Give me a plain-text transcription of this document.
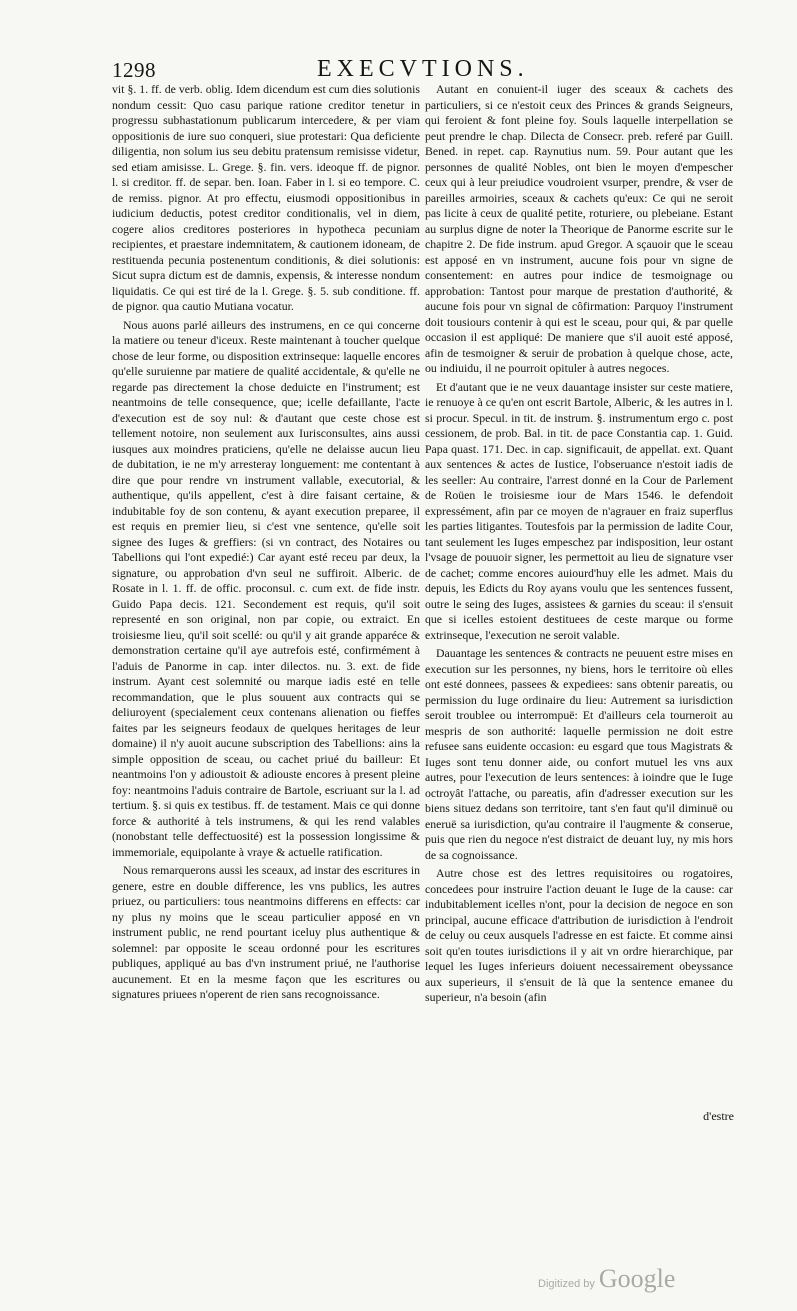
1298	EXECVTIONS.

vit §. 1. ff. de verb. oblig. Idem dicendum est cum dies solutionis nondum cessit: Quo casu parique ratione creditor tenetur in progressu subhastationum publicarum intercedere, & per viam oppositionis de iure suo conqueri, siue protestari: Qua deficiente diligentia, non solum ius seu debitu pratensum remisisse videtur, sed etiam amisisse. L. Grege. §. fin. vers. ideoque ff. de pignor. l. si creditor. ff. de separ. ben. Ioan. Faber in l. si eo tempore. C. de remiss. pignor. At pro effectu, eiusmodi oppositionibus in iudicium deductis, potest creditor conditionalis, vel in diem, cogere alios creditores posteriores in hypotheca pecuniam recipientes, et praestare indemnitatem, & cautionem idoneam, de restituenda pecunia postenentum conditionis, & diei solutionis: Sicut supra dictum est de damnis, expensis, & interesse nondum liquidatis. Ce qui est tiré de la l. Grege. §. 5. sub conditione. ff. de pignor. qua cautio Mutiana vocatur.

Nous auons parlé ailleurs des instrumens, en ce qui concerne la matiere ou teneur d'iceux. Reste maintenant à toucher quelque chose de leur forme, ou disposition extrinseque: laquelle encores qu'elle suruienne par matiere de qualité accidentale, & qu'elle ne regarde pas directement la chose deduicte en l'instrument; est neantmoins de telle consequence, que; icelle defaillante, l'acte d'execution est de soy nul: & d'autant que ceste chose est tellement notoire, non seulement aux Iurisconsultes, ains aussi iusques aux moindres praticiens, qu'elle ne delaisse aucun lieu de dubitation, ie ne m'y arresteray longuement: me contentant à dire que pour rendre vn instrument vallable, executorial, & authentique, qu'ils appellent, c'est à dire faisant certaine, & indubitable foy de son contenu, & ayant execution preparee, il est requis en premier lieu, si c'est vne sentence, qu'elle soit signee des Iuges & greffiers: (si vn contract, des Notaires ou Tabellions qui l'ont expedié:) Car ayant esté receu par deux, la signature, ou approbation d'vn seul ne suffiroit. Alberic. de Rosate in l. 1. ff. de offic. proconsul. c. cum ext. de fide instr. Guido Papa decis. 121. Secondement est requis, qu'il soit representé en son original, non par copie, ou extraict. En troisiesme lieu, qu'il soit scellé: ou qu'il y ait grande apparéce & demonstration certaine qu'il aye autrefois esté, confirmément à l'aduis de Panorme in cap. inter dilectos. nu. 3. ext. de fide instrum. Ayant cest solemnité ou marque iadis esté en telle recommandation, que le plus souuent aux contracts qui se deliuroyent (specialement ceux contenans alienation ou fieffes faites par les seigneurs feodaux de quelques heritages de leur domaine) il n'y auoit aucune subscription des Tabellions: ains la simple opposition de sceau, ou cachet priué du bailleur: Et neantmoins l'on y adioustoit & adiouste encores à present pleine foy: neantmoins l'aduis contraire de Bartole, escriuant sur la l. ad tertium. §. si quis ex testibus. ff. de testament. Mais ce qui donne force & authorité à tels instrumens, & qui les rend valables (nonobstant telle deffectuosité) est la possession longissime & immemoriale, equipolante à vraye & actuelle ratification.

Nous remarquerons aussi les sceaux, ad instar des escritures in genere, estre en double difference, les vns publics, les autres priuez, ou particuliers: tous neantmoins differens en effects: car ny plus ny moins que le sceau particulier apposé en vn instrument public, ne rend pourtant iceluy plus authentique & solemnel: par opposite le sceau ordonné pour les escritures publiques, appliqué au bas d'vn instrument priué, ne l'authorise aucunement. Et en la mesme façon que les escritures ou signatures priuees n'operent de rien sans recognoissance.

Autant en conuient-il iuger des sceaux & cachets des particuliers, si ce n'estoit ceux des Princes & grands Seigneurs, qui feroient & font pleine foy. Souls laquelle interpellation se peut prendre le chap. Dilecta de Consecr. preb. referé par Guill. Bened. in repet. cap. Raynutius num. 59. Pour autant que les personnes de qualité Nobles, ont bien le moyen d'empescher ceux qui à leur preiudice voudroient vsurper, prendre, & vser de pareilles armoiries, sceaux & cachets qu'eux: Ce qui ne seroit pas licite à ceux de qualité petite, roturiere, ou plebeiane. Estant au surplus digne de noter la Theorique de Panorme escrite sur le chapitre 2. De fide instrum. apud Gregor. A sçauoir que le sceau est apposé en vn instrument, aucune fois pour vn signe de consentement: en autres pour indice de tesmoignage ou approbation: Tantost pour marque de prestation d'authorité, & aucune fois pour vn signal de côfirmation: Parquoy l'instrument doit tousiours contenir à qui est le sceau, pour qui, & par quelle occasion il est appliqué: De maniere que s'il auoit esté apposé, afin de tesmoigner & seruir de probation à quelque chose, acte, ou indiuidu, il ne pourroit opituler à autres negoces.

Et d'autant que ie ne veux dauantage insister sur ceste matiere, ie renuoye à ce qu'en ont escrit Bartole, Alberic, & les autres in l. si procur. Specul. in tit. de instrum. §. instrumentum ergo c. post cessionem, de prob. Bal. in tit. de pace Constantia cap. 1. Guid. Papa quast. 171. Dec. in cap. significauit, de appellat. ext. Quant aux sentences & actes de Iustice, l'obseruance n'estoit iadis de les seeller: Au contraire, l'arrest donné en la Cour de Parlement de Roüen le troisiesme iour de Mars 1546. le defendoit expressément, afin par ce moyen de n'agrauer en fraiz superflus les parties litigantes. Toutesfois par la permission de ladite Cour, tant seulement les Iuges empeschez par indisposition, leur ostant l'vsage de pouuoir signer, les permettoit au lieu de signature vser de cachet; comme encores auiourd'huy elle les admet. Mais du depuis, les Edicts du Roy ayans voulu que les sentences fussent, outre le seing des Iuges, assistees & garnies du sceau: il s'ensuit que si icelles estoient destituees de ceste marque ou forme extrinseque, l'execution ne seroit valable.

Dauantage les sentences & contracts ne peuuent estre mises en execution sur les personnes, ny biens, hors le territoire où elles ont esté donnees, passees & expediees: sans obtenir pareatis, ou permission du Iuge ordinaire du lieu: Autrement sa iurisdiction seroit troublee ou interrompuë: Et d'ailleurs cela tourneroit au mespris de son authorité: laquelle permission ne doit estre refusee sans euidente occasion: eu esgard que tous Magistrats & Iuges sont tenu donner aide, ou confort mutuel les vns aux autres, pour l'execution de leurs sentences: à ioindre que le Iuge octroyât l'attache, ou pareatis, afin d'adresser execution sur les biens situez dedans son territoire, tant s'en faut qu'il diminuë ou eneruë sa iurisdiction, qu'au contraire il l'augmente & conserue, puis que rien du negoce n'est distraict de deuant luy, ny mis hors de sa cognoissance.

Autre chose est des lettres requisitoires ou rogatoires, concedees pour instruire l'action deuant le Iuge de la cause: car indubitablement icelles n'ont, pour la decision de negoce en son principal, aucune efficace d'attribution de iurisdiction à l'endroit de celuy ou ceux ausquels l'adresse en est faicte. Et comme ainsi soit qu'en toutes iurisdictions il y ait vn ordre hierarchique, par lequel les Iuges inferieurs doiuent necessairement obeyssance aux superieurs, il s'ensuit de là que la sentence emanee du superieur, n'a besoin (afin

d'estre
Digitized by Google
